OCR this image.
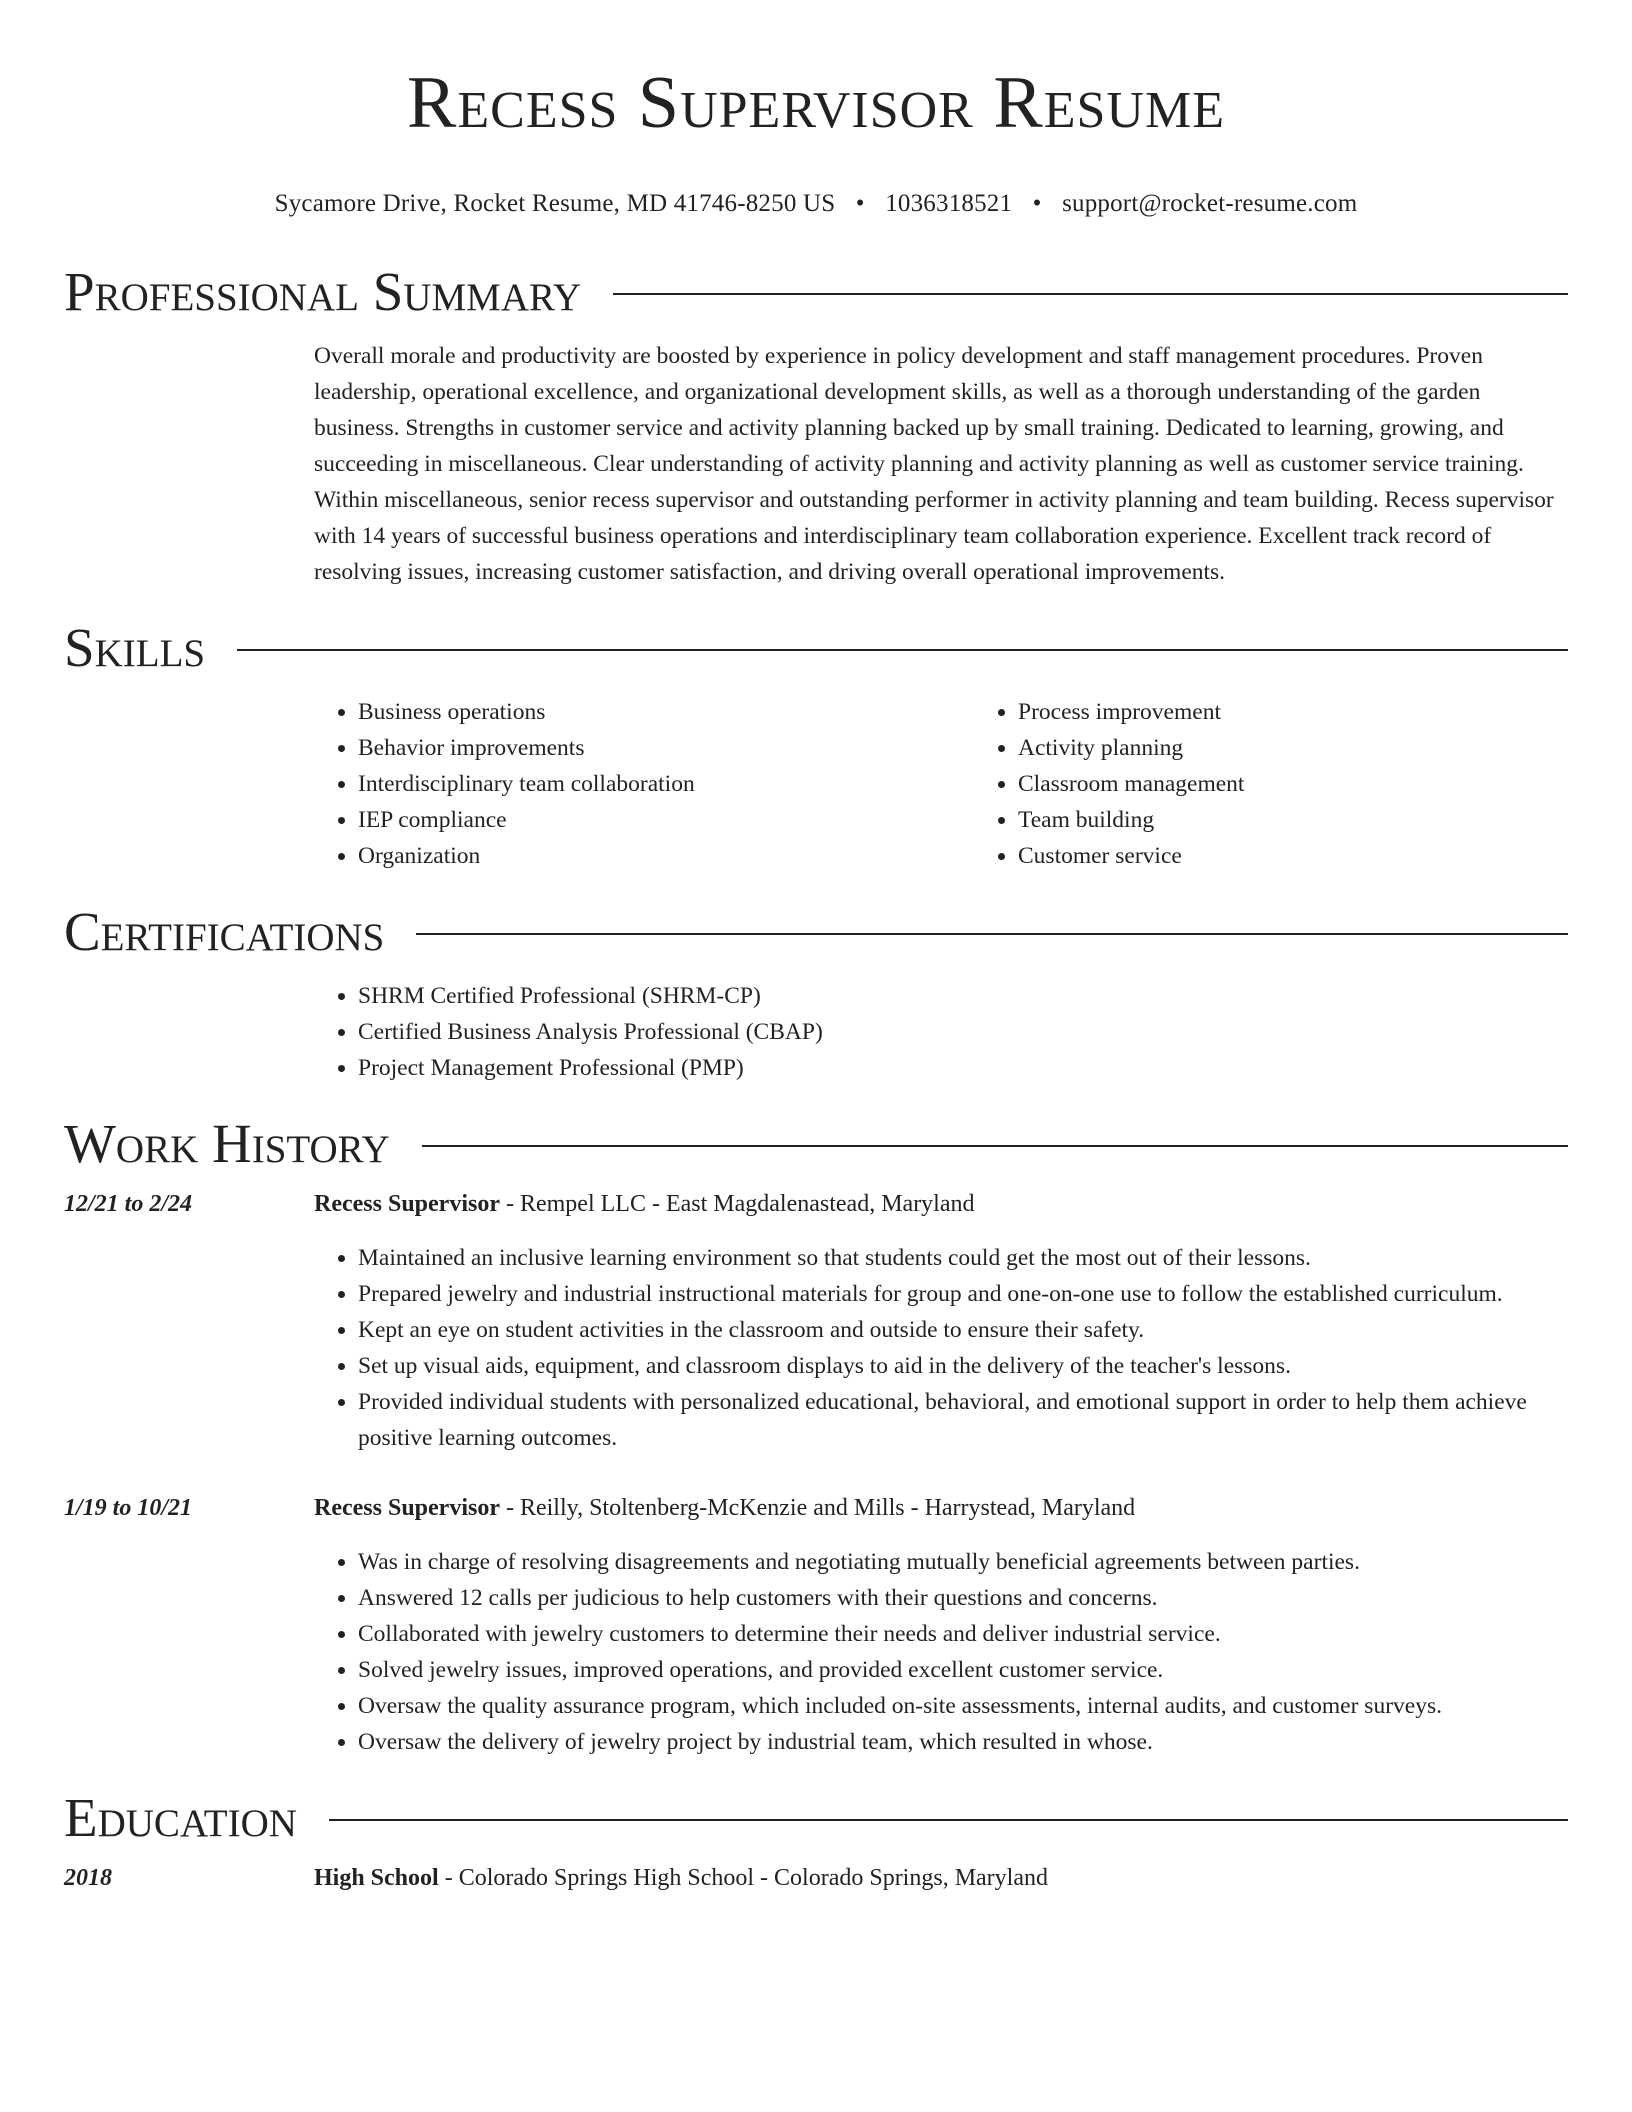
Recess Supervisor Resume
Sycamore Drive, Rocket Resume, MD 41746-8250 US • 1036318521 • support@rocket-resume.com
Professional Summary

Overall morale and productivity are boosted by experience in policy development and staff management procedures. Proven leadership, operational excellence, and organizational development skills, as well as a thorough understanding of the garden business. Strengths in customer service and activity planning backed up by small training. Dedicated to learning, growing, and succeeding in miscellaneous. Clear understanding of activity planning and activity planning as well as customer service training. Within miscellaneous, senior recess supervisor and outstanding performer in activity planning and team building. Recess supervisor with 14 years of successful business operations and interdisciplinary team collaboration experience. Excellent track record of resolving issues, increasing customer satisfaction, and driving overall operational improvements.

Skills
• Business operations
• Behavior improvements
• Interdisciplinary team collaboration
• IEP compliance
• Organization
• Process improvement
• Activity planning
• Classroom management
• Team building
• Customer service
Certifications
• SHRM Certified Professional (SHRM-CP)
• Certified Business Analysis Professional (CBAP)
• Project Management Professional (PMP)
Work History
12/21 to 2/24	Recess Supervisor - Rempel LLC - East Magdalenastead, Maryland
• Maintained an inclusive learning environment so that students could get the most out of their lessons.
• Prepared jewelry and industrial instructional materials for group and one-on-one use to follow the established curriculum.
• Kept an eye on student activities in the classroom and outside to ensure their safety.
• Set up visual aids, equipment, and classroom displays to aid in the delivery of the teacher's lessons.
• Provided individual students with personalized educational, behavioral, and emotional support in order to help them achieve positive learning outcomes.
1/19 to 10/21	Recess Supervisor - Reilly, Stoltenberg-McKenzie and Mills - Harrystead, Maryland
• Was in charge of resolving disagreements and negotiating mutually beneficial agreements between parties.
• Answered 12 calls per judicious to help customers with their questions and concerns.
• Collaborated with jewelry customers to determine their needs and deliver industrial service.
• Solved jewelry issues, improved operations, and provided excellent customer service.
• Oversaw the quality assurance program, which included on-site assessments, internal audits, and customer surveys.
• Oversaw the delivery of jewelry project by industrial team, which resulted in whose.
Education
2018	High School - Colorado Springs High School - Colorado Springs, Maryland
